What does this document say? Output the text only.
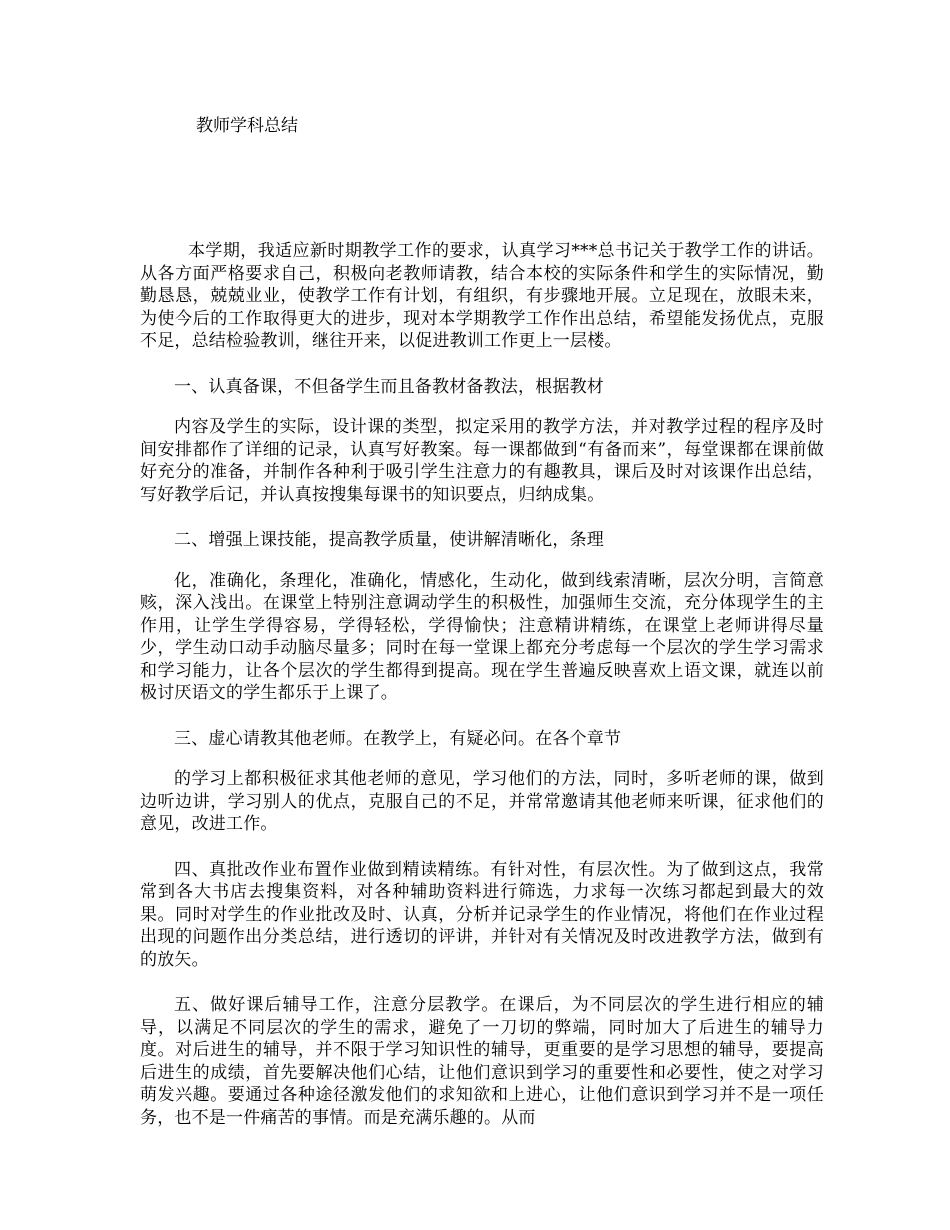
教师学科总结

本学期，我适应新时期教学工作的要求，认真学习***总书记关于教学工作的讲话。从各方面严格要求自己，积极向老教师请教，结合本校的实际条件和学生的实际情况，勤勤恳恳，兢兢业业，使教学工作有计划，有组织，有步骤地开展。立足现在，放眼未来，为使今后的工作取得更大的进步，现对本学期教学工作作出总结，希望能发扬优点，克服不足，总结检验教训，继往开来，以促进教训工作更上一层楼。

一、认真备课，不但备学生而且备教材备教法，根据教材

内容及学生的实际，设计课的类型，拟定采用的教学方法，并对教学过程的程序及时间安排都作了详细的记录，认真写好教案。每一课都做到“有备而来”，每堂课都在课前做好充分的准备，并制作各种利于吸引学生注意力的有趣教具，课后及时对该课作出总结，写好教学后记，并认真按搜集每课书的知识要点，归纳成集。

二、增强上课技能，提高教学质量，使讲解清晰化，条理

化，准确化，条理化，准确化，情感化，生动化，做到线索清晰，层次分明，言简意赅，深入浅出。在课堂上特别注意调动学生的积极性，加强师生交流，充分体现学生的主作用，让学生学得容易，学得轻松，学得愉快；注意精讲精练，在课堂上老师讲得尽量少，学生动口动手动脑尽量多；同时在每一堂课上都充分考虑每一个层次的学生学习需求和学习能力，让各个层次的学生都得到提高。现在学生普遍反映喜欢上语文课，就连以前极讨厌语文的学生都乐于上课了。

三、虚心请教其他老师。在教学上，有疑必问。在各个章节

的学习上都积极征求其他老师的意见，学习他们的方法，同时，多听老师的课，做到边听边讲，学习别人的优点，克服自己的不足，并常常邀请其他老师来听课，征求他们的意见，改进工作。

四、真批改作业布置作业做到精读精练。有针对性，有层次性。为了做到这点，我常常到各大书店去搜集资料，对各种辅助资料进行筛选，力求每一次练习都起到最大的效果。同时对学生的作业批改及时、认真，分析并记录学生的作业情况，将他们在作业过程出现的问题作出分类总结，进行透切的评讲，并针对有关情况及时改进教学方法，做到有的放矢。

五、做好课后辅导工作，注意分层教学。在课后，为不同层次的学生进行相应的辅导，以满足不同层次的学生的需求，避免了一刀切的弊端，同时加大了后进生的辅导力度。对后进生的辅导，并不限于学习知识性的辅导，更重要的是学习思想的辅导，要提高后进生的成绩，首先要解决他们心结，让他们意识到学习的重要性和必要性，使之对学习萌发兴趣。要通过各种途径激发他们的求知欲和上进心，让他们意识到学习并不是一项任务，也不是一件痛苦的事情。而是充满乐趣的。从而
